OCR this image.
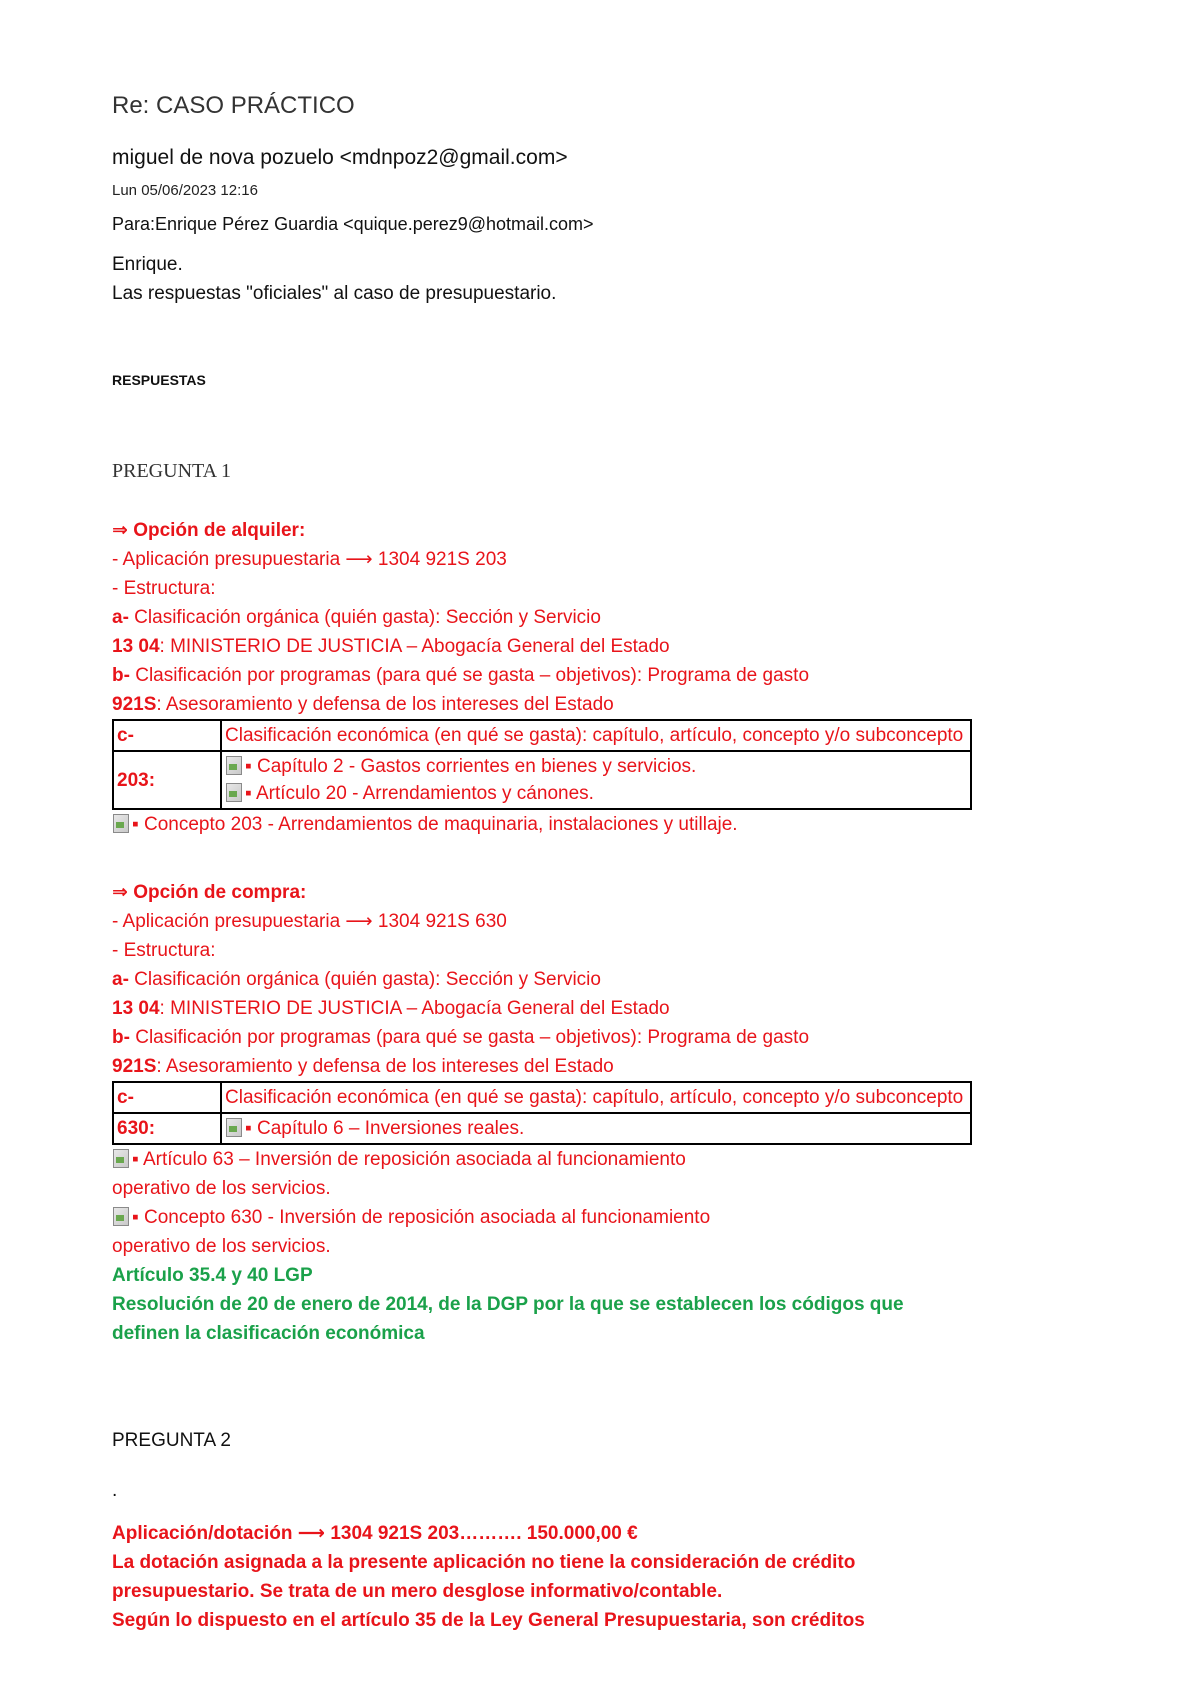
Re: CASO PRÁCTICO
miguel de nova pozuelo <mdnpoz2@gmail.com>
Lun 05/06/2023 12:16
Para:Enrique Pérez Guardia <quique.perez9@hotmail.com>
Enrique.
Las respuestas "oficiales" al caso de presupuestario.
RESPUESTAS
PREGUNTA 1
⇒ Opción de alquiler:
- Aplicación presupuestaria ⟶ 1304 921S 203
- Estructura:
a- Clasificación orgánica (quién gasta): Sección y Servicio
13 04: MINISTERIO DE JUSTICIA – Abogacía General del Estado
b- Clasificación por programas (para qué se gasta – objetivos): Programa de gasto
921S: Asesoramiento y defensa de los intereses del Estado
c-	Clasificación económica (en qué se gasta): capítulo, artículo, concepto y/o subconcepto
203:	▪ Capítulo 2 - Gastos corrientes en bienes y servicios.
▪ Artículo 20 - Arrendamientos y cánones.
▪ Concepto 203 - Arrendamientos de maquinaria, instalaciones y utillaje.
⇒ Opción de compra:
- Aplicación presupuestaria ⟶ 1304 921S 630
- Estructura:
a- Clasificación orgánica (quién gasta): Sección y Servicio
13 04: MINISTERIO DE JUSTICIA – Abogacía General del Estado
b- Clasificación por programas (para qué se gasta – objetivos): Programa de gasto
921S: Asesoramiento y defensa de los intereses del Estado
c-	Clasificación económica (en qué se gasta): capítulo, artículo, concepto y/o subconcepto
630:	▪ Capítulo 6 – Inversiones reales.
▪ Artículo 63 – Inversión de reposición asociada al funcionamiento
operativo de los servicios.
▪ Concepto 630 - Inversión de reposición asociada al funcionamiento
operativo de los servicios.
Artículo 35.4 y 40 LGP
Resolución de 20 de enero de 2014, de la DGP por la que se establecen los códigos que
definen la clasificación económica
PREGUNTA 2
.
Aplicación/dotación ⟶ 1304 921S 203………. 150.000,00 €
La dotación asignada a la presente aplicación no tiene la consideración de crédito
presupuestario. Se trata de un mero desglose informativo/contable.
Según lo dispuesto en el artículo 35 de la Ley General Presupuestaria, son créditos
